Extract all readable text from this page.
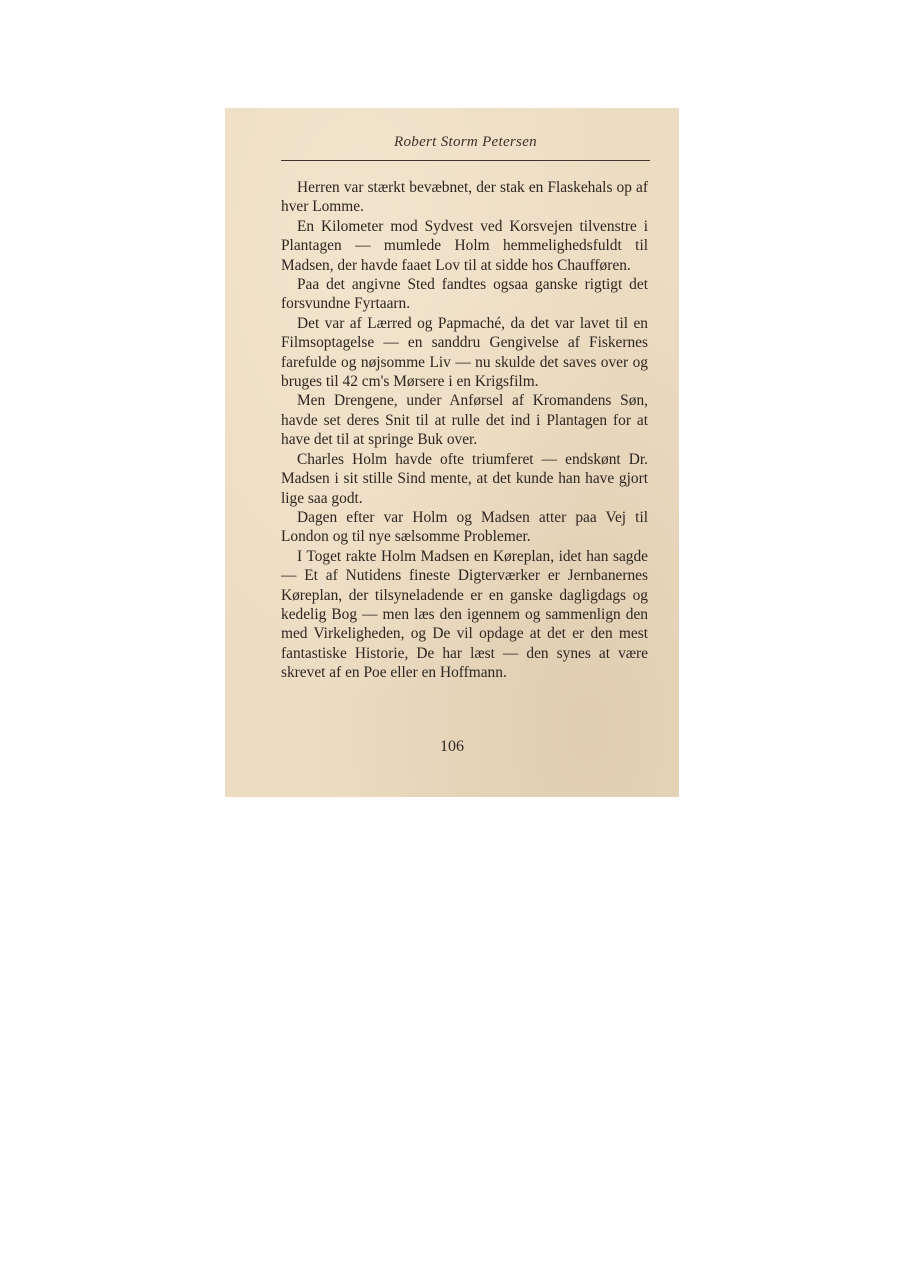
Robert Storm Petersen

Herren var stærkt bevæbnet, der stak en Flaskehals op af hver Lomme.

En Kilometer mod Sydvest ved Korsvejen tilvenstre i Plantagen — mumlede Holm hemmelighedsfuldt til Madsen, der havde faaet Lov til at sidde hos Chaufføren.

Paa det angivne Sted fandtes ogsaa ganske rigtigt det forsvundne Fyrtaarn.

Det var af Lærred og Papmaché, da det var lavet til en Filmsoptagelse — en sanddru Gengivelse af Fiskernes farefulde og nøjsomme Liv — nu skulde det saves over og bruges til 42 cm's Mørsere i en Krigsfilm.

Men Drengene, under Anførsel af Kromandens Søn, havde set deres Snit til at rulle det ind i Plantagen for at have det til at springe Buk over.

Charles Holm havde ofte triumferet — endskønt Dr. Madsen i sit stille Sind mente, at det kunde han have gjort lige saa godt.

Dagen efter var Holm og Madsen atter paa Vej til London og til nye sælsomme Problemer.

I Toget rakte Holm Madsen en Køreplan, idet han sagde — Et af Nutidens fineste Digterværker er Jernbanernes Køreplan, der tilsyneladende er en ganske dagligdags og kedelig Bog — men læs den igennem og sammenlign den med Virkeligheden, og De vil opdage at det er den mest fantastiske Historie, De har læst — den synes at være skrevet af en Poe eller en Hoffmann.

106
